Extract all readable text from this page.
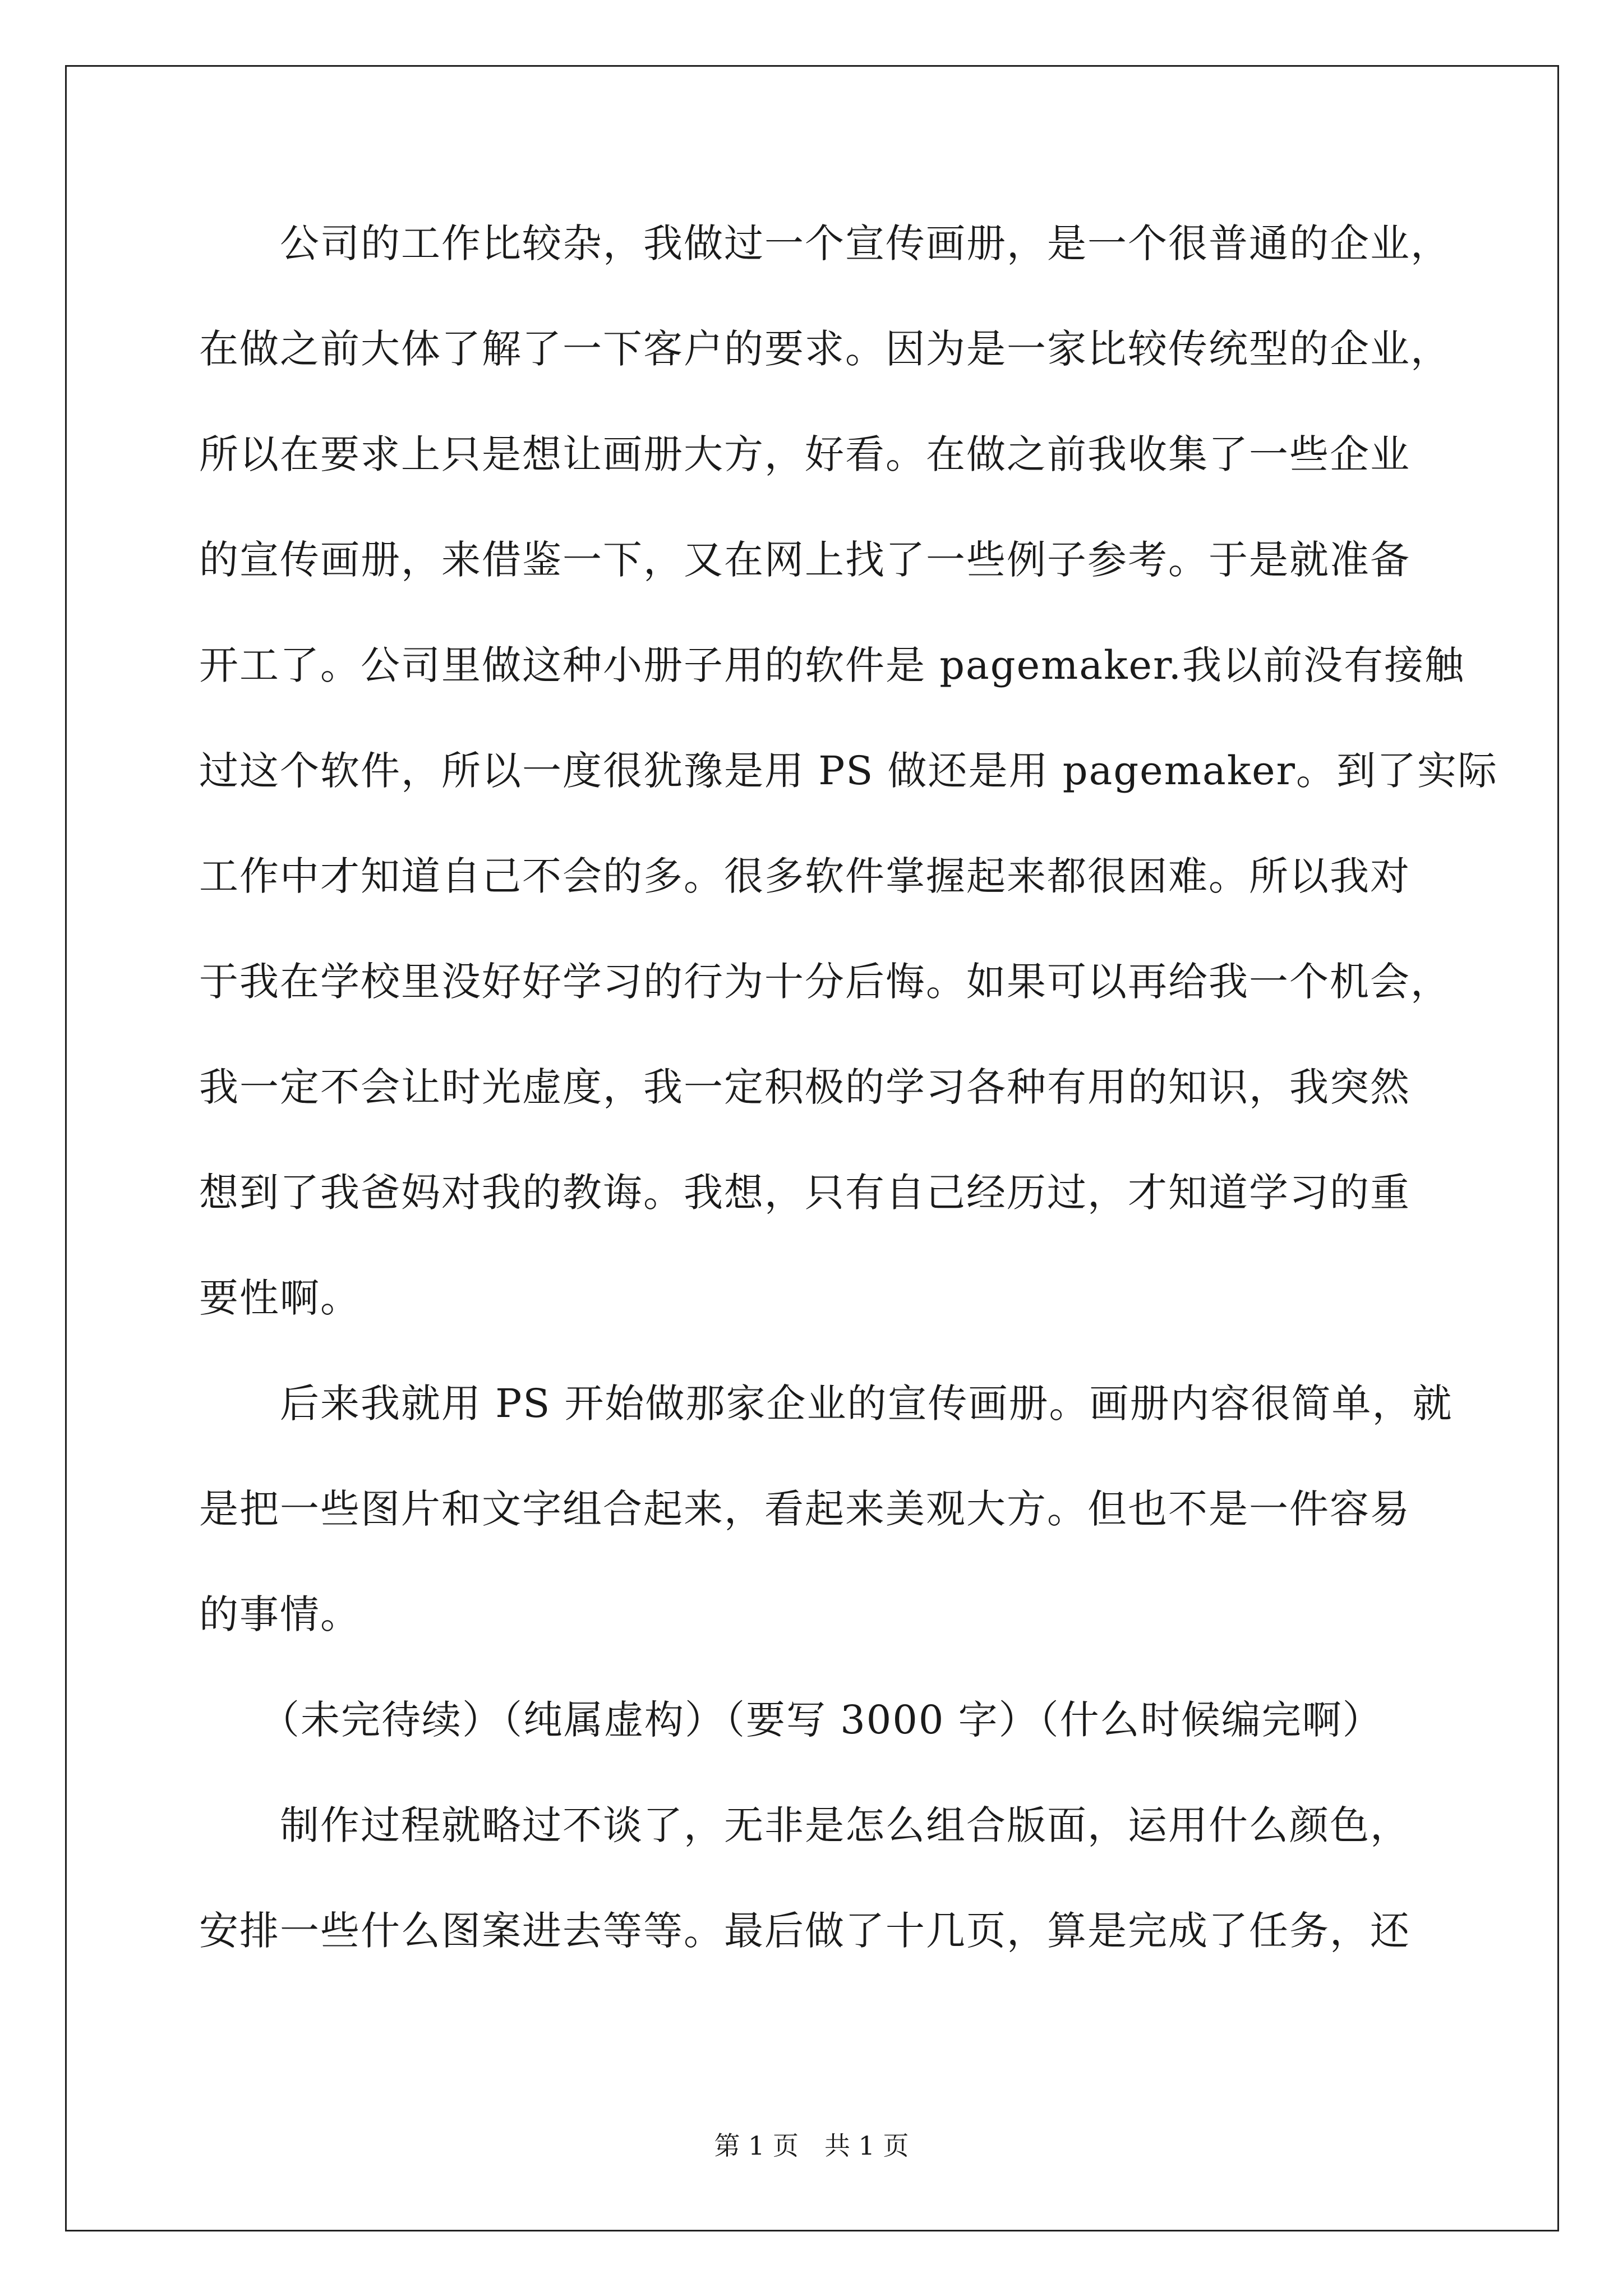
　　公司的工作比较杂，我做过一个宣传画册，是一个很普通的企业，
在做之前大体了解了一下客户的要求。因为是一家比较传统型的企业，
所以在要求上只是想让画册大方，好看。在做之前我收集了一些企业
的宣传画册，来借鉴一下，又在网上找了一些例子参考。于是就准备
开工了。公司里做这种小册子用的软件是 pagemaker.我以前没有接触
过这个软件，所以一度很犹豫是用 PS 做还是用 pagemaker。到了实际
工作中才知道自己不会的多。很多软件掌握起来都很困难。所以我对
于我在学校里没好好学习的行为十分后悔。如果可以再给我一个机会，
我一定不会让时光虚度，我一定积极的学习各种有用的知识，我突然
想到了我爸妈对我的教诲。我想，只有自己经历过，才知道学习的重
要性啊。
　　后来我就用 PS 开始做那家企业的宣传画册。画册内容很简单，就
是把一些图片和文字组合起来，看起来美观大方。但也不是一件容易
的事情。
　　（未完待续）（纯属虚构）（要写 3000 字）（什么时候编完啊）
　　制作过程就略过不谈了，无非是怎么组合版面，运用什么颜色，
安排一些什么图案进去等等。最后做了十几页，算是完成了任务，还
第 1 页　共 1 页
